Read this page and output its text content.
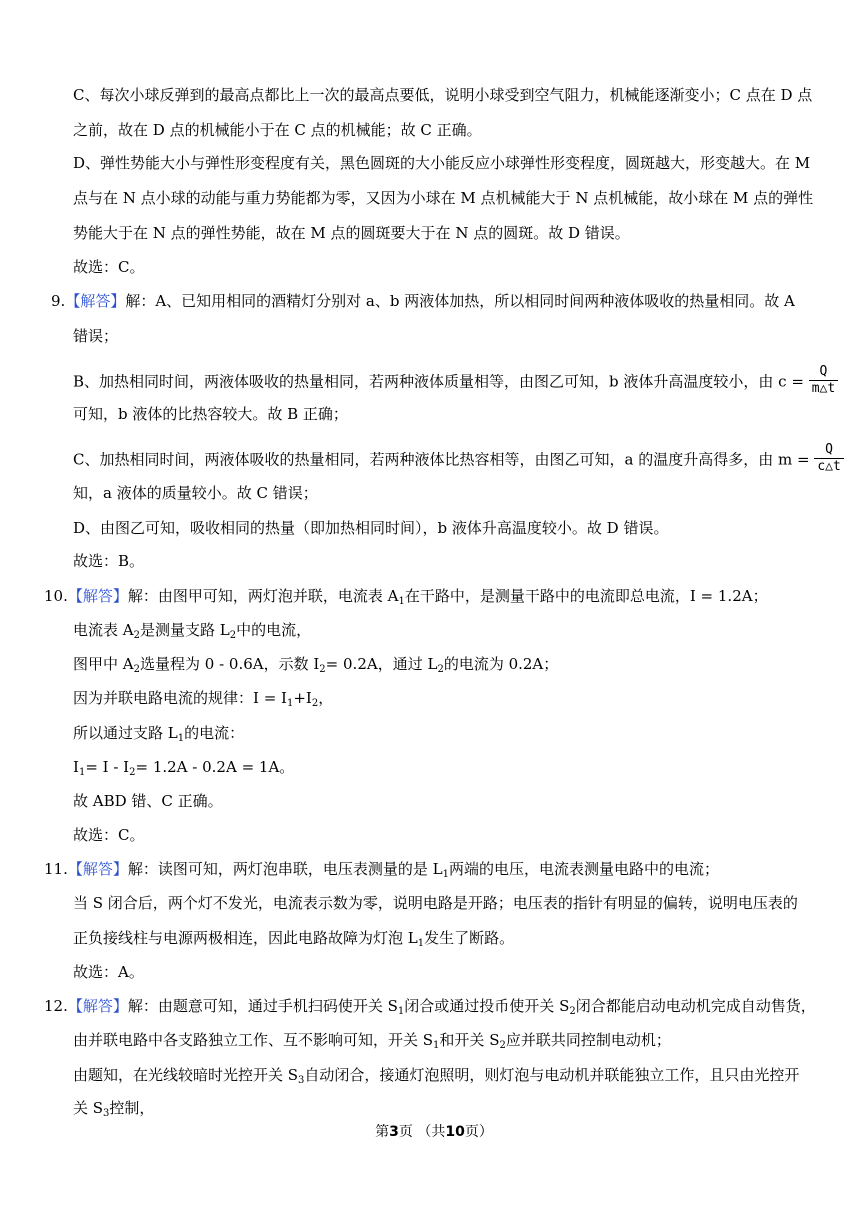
C、每次小球反弹到的最高点都比上一次的最高点要低，说明小球受到空气阻力，机械能逐渐变小；C 点在 D 点
之前，故在 D 点的机械能小于在 C 点的机械能；故 C 正确。
D、弹性势能大小与弹性形变程度有关，黑色圆斑的大小能反应小球弹性形变程度，圆斑越大，形变越大。在 M
点与在 N 点小球的动能与重力势能都为零，又因为小球在 M 点机械能大于 N 点机械能，故小球在 M 点的弹性
势能大于在 N 点的弹性势能，故在 M 点的圆斑要大于在 N 点的圆斑。故 D 错误。
故选：C。
9.【解答】解：A、已知用相同的酒精灯分别对 a、b 两液体加热，所以相同时间两种液体吸收的热量相同。故 A
错误；
B、加热相同时间，两液体吸收的热量相同，若两种液体质量相等，由图乙可知，b 液体升高温度较小，由 $c = \frac{Q}{m\triangle t}$
可知，b 液体的比热容较大。故 B 正确；
C、加热相同时间，两液体吸收的热量相同，若两种液体比热容相等，由图乙可知，a 的温度升高得多，由 $m = \frac{Q}{c\triangle t}$
知，a 液体的质量较小。故 C 错误；
D、由图乙可知，吸收相同的热量（即加热相同时间），b 液体升高温度较小。故 D 错误。
故选：B。
10.【解答】解：由图甲可知，两灯泡并联，电流表 $A_1$在干路中，是测量干路中的电流即总电流，I = 1.2A；
电流表 $A_2$是测量支路 $L_2$中的电流，
图甲中 $A_2$选量程为 0 - 0.6A，示数 $I_2= 0.2A$，通过 $L_2$的电流为 0.2A；
因为并联电路电流的规律：$I = I_1+I_2$，
所以通过支路 $L_1$的电流：
$I_1= I - I_2= 1.2A - 0.2A = 1A$。
故 ABD 错、C 正确。
故选：C。
11.【解答】解：读图可知，两灯泡串联，电压表测量的是 $L_1$两端的电压，电流表测量电路中的电流；
当 S 闭合后，两个灯不发光，电流表示数为零，说明电路是开路；电压表的指针有明显的偏转，说明电压表的
正负接线柱与电源两极相连，因此电路故障为灯泡 $L_1$发生了断路。
故选：A。
12.【解答】解：由题意可知，通过手机扫码使开关 $S_1$闭合或通过投币使开关 $S_2$闭合都能启动电动机完成自动售货，
由并联电路中各支路独立工作、互不影响可知，开关 $S_1$和开关 $S_2$应并联共同控制电动机；
由题知，在光线较暗时光控开关 $S_3$自动闭合，接通灯泡照明，则灯泡与电动机并联能独立工作，且只由光控开
关 $S_3$控制，
第3页 （共10页）
